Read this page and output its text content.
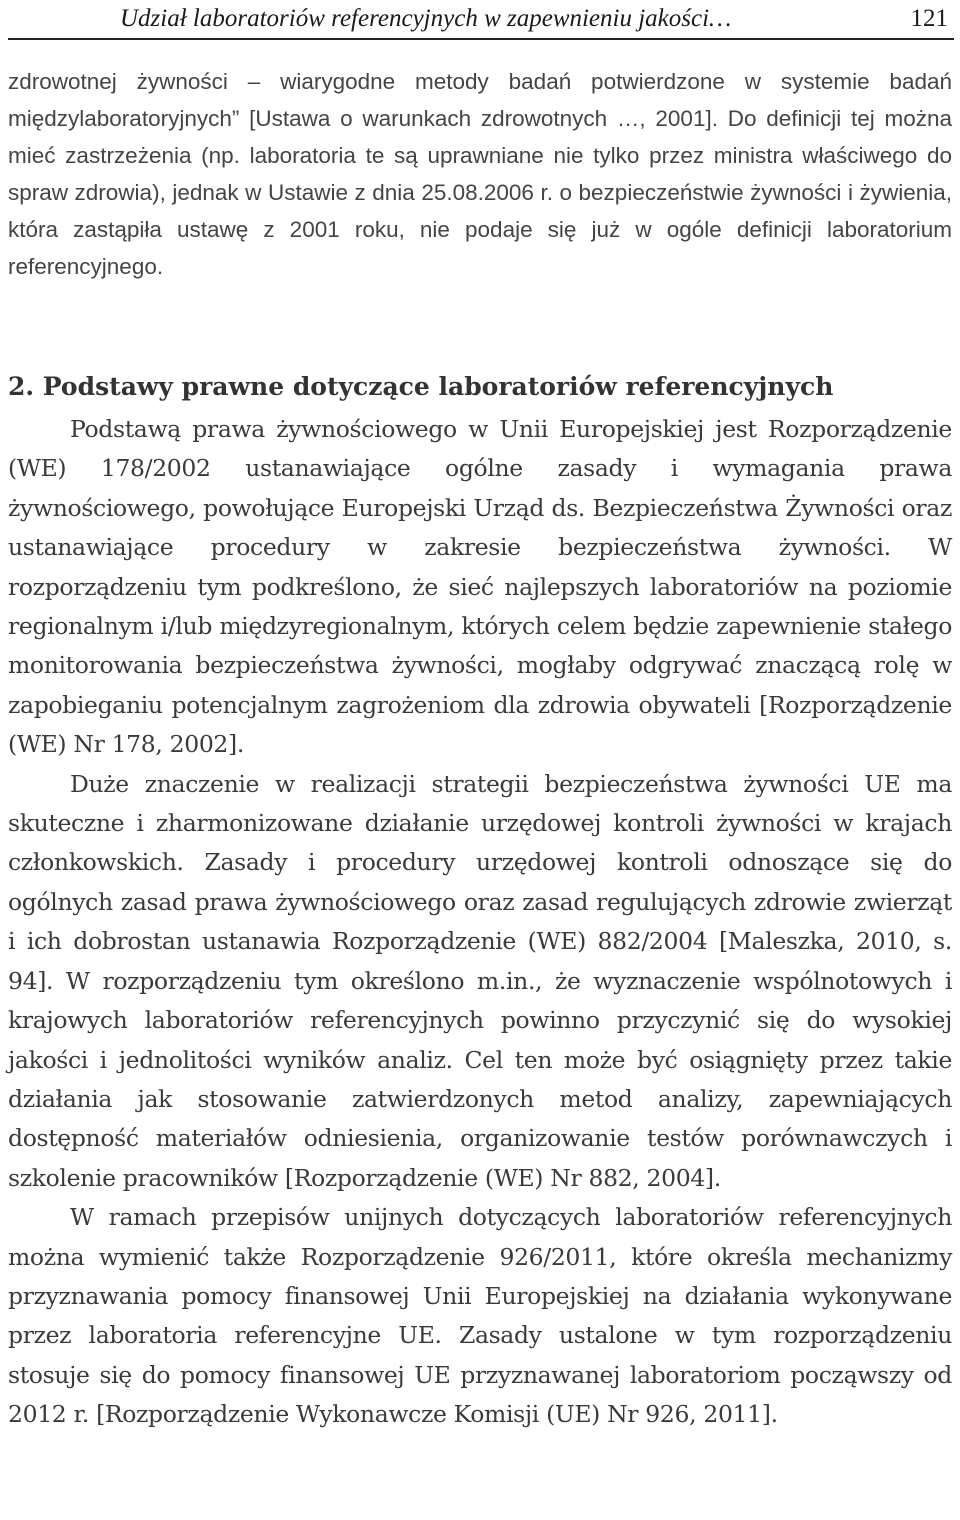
Udział laboratoriów referencyjnych w zapewnieniu jakości…	121

zdrowotnej żywności – wiarygodne metody badań potwierdzone w systemie badań międzylaboratoryjnych” [Ustawa o warunkach zdrowotnych …, 2001]. Do definicji tej można mieć zastrzeżenia (np. laboratoria te są uprawniane nie tylko przez ministra właściwego do spraw zdrowia), jednak w Ustawie z dnia 25.08.2006 r. o bezpieczeństwie żywności i żywienia, która zastąpiła ustawę z 2001 roku, nie podaje się już w ogóle definicji laboratorium referencyjnego.

2. Podstawy prawne dotyczące laboratoriów referencyjnych

Podstawą prawa żywnościowego w Unii Europejskiej jest Rozporządzenie (WE) 178/2002 ustanawiające ogólne zasady i wymagania prawa żywnościowego, powołujące Europejski Urząd ds. Bezpieczeństwa Żywności oraz ustanawiające procedury w zakresie bezpieczeństwa żywności. W rozporządzeniu tym podkreślono, że sieć najlepszych laboratoriów na poziomie regionalnym i/lub międzyregionalnym, których celem będzie zapewnienie stałego monitorowania bezpieczeństwa żywności, mogłaby odgrywać znaczącą rolę w zapobieganiu potencjalnym zagrożeniom dla zdrowia obywateli [Rozporządzenie (WE) Nr 178, 2002].

Duże znaczenie w realizacji strategii bezpieczeństwa żywności UE ma skuteczne i zharmonizowane działanie urzędowej kontroli żywności w krajach członkowskich. Zasady i procedury urzędowej kontroli odnoszące się do ogólnych zasad prawa żywnościowego oraz zasad regulujących zdrowie zwierząt i ich dobrostan ustanawia Rozporządzenie (WE) 882/2004 [Maleszka, 2010, s. 94]. W rozporządzeniu tym określono m.in., że wyznaczenie wspólnotowych i krajowych laboratoriów referencyjnych powinno przyczynić się do wysokiej jakości i jednolitości wyników analiz. Cel ten może być osiągnięty przez takie działania jak stosowanie zatwierdzonych metod analizy, zapewniających dostępność materiałów odniesienia, organizowanie testów porównawczych i szkolenie pracowników [Rozporządzenie (WE) Nr 882, 2004].

W ramach przepisów unijnych dotyczących laboratoriów referencyjnych można wymienić także Rozporządzenie 926/2011, które określa mechanizmy przyznawania pomocy finansowej Unii Europejskiej na działania wykonywane przez laboratoria referencyjne UE. Zasady ustalone w tym rozporządzeniu stosuje się do pomocy finansowej UE przyznawanej laboratoriom począwszy od 2012 r. [Rozporządzenie Wykonawcze Komisji (UE) Nr 926, 2011].
